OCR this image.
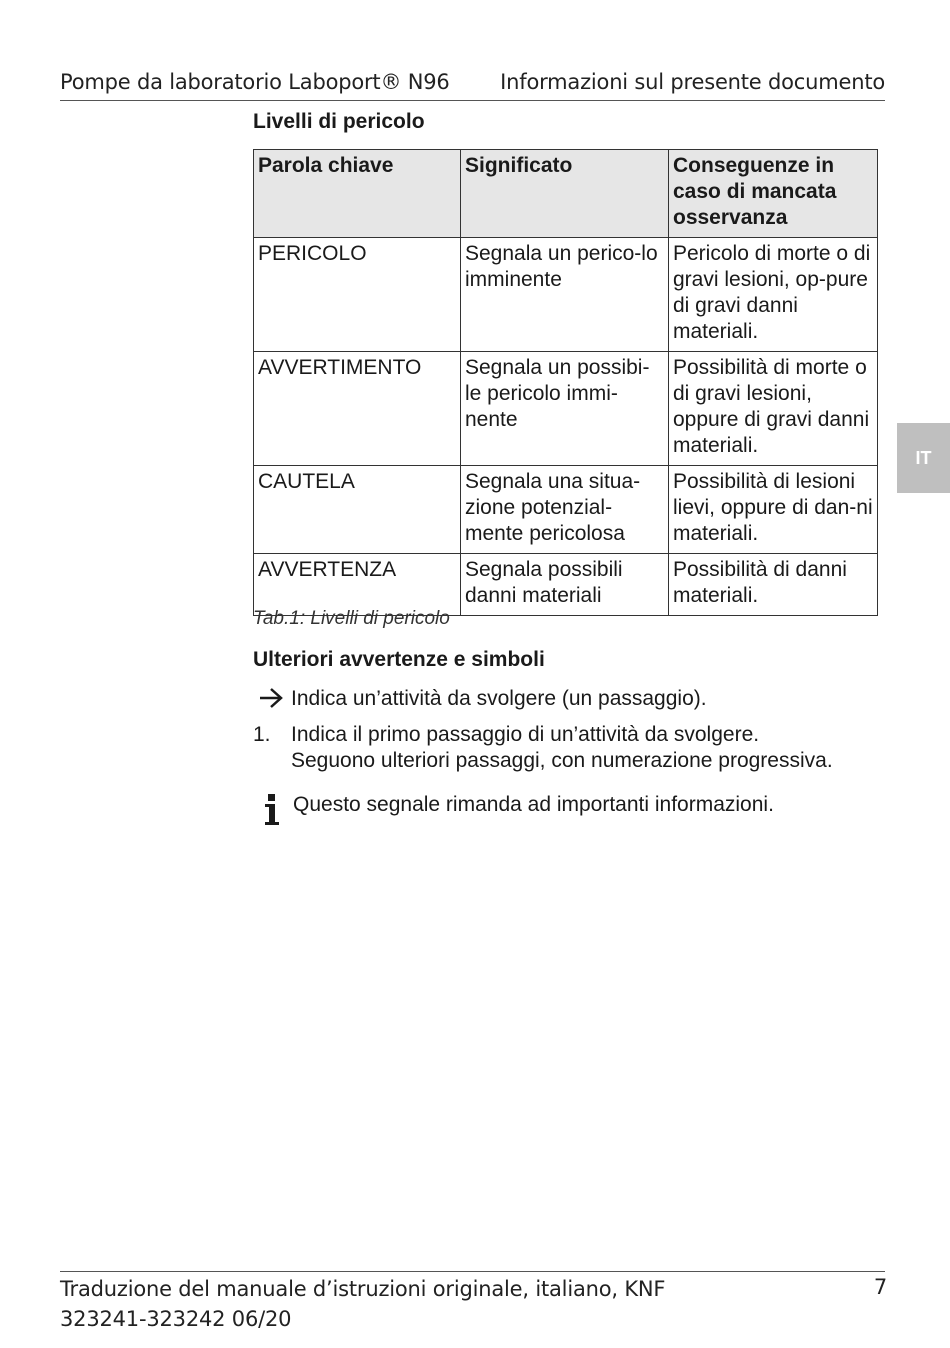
Pompe da laboratorio Laboport® N96 Informazioni sul presente documento
IT
Livelli di pericolo
Parola chiave	Significato	Conseguenze in caso di mancata osservanza
PERICOLO	Segnala un perico-lo imminente	Pericolo di morte o di gravi lesioni, op-pure di gravi danni materiali.
AVVERTIMENTO	Segnala un possibi-le pericolo immi-nente	Possibilità di morte o di gravi lesioni, oppure di gravi danni materiali.
CAUTELA	Segnala una situa-zione potenzial-mente pericolosa	Possibilità di lesioni lievi, oppure di dan-ni materiali.
AVVERTENZA	Segnala possibili danni materiali	Possibilità di danni materiali.
Tab.1: Livelli di pericolo
Ulteriori avvertenze e simboli
Indica un’attività da svolgere (un passaggio).
1. Indica il primo passaggio di un’attività da svolgere.
Seguono ulteriori passaggi, con numerazione progressiva.
Questo segnale rimanda ad importanti informazioni.
Traduzione del manuale d’istruzioni originale, italiano, KNF
323241-323242 06/20
7
